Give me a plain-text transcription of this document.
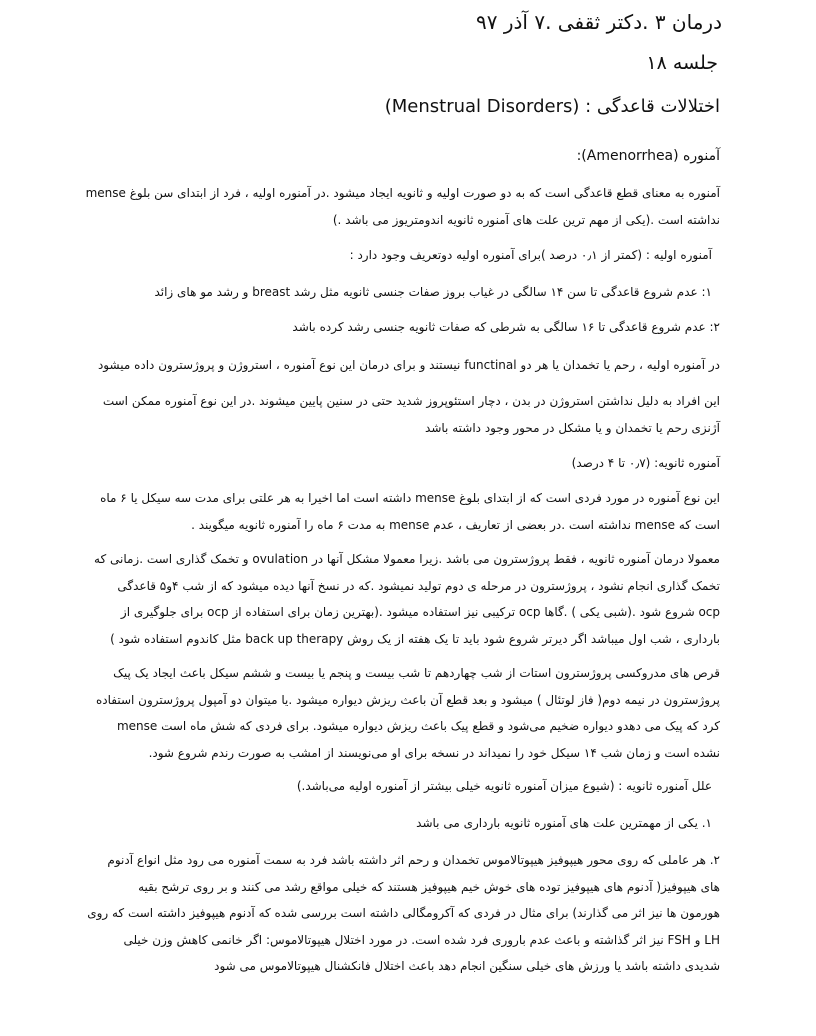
درمان ۳ .دکتر ثقفی .۷ آذر ۹۷
جلسه ۱۸
اختلالات قاعدگی : (Menstrual Disorders)
آمنوره (Amenorrhea):
آمنوره به معنای قطع قاعدگی است که به دو صورت اولیه و ثانویه ایجاد میشود .در آمنوره اولیه ، فرد از ابتدای سن بلوغ mense
نداشته است .(یکی از مهم ترین علت های آمنوره ثانویه اندومتریوز می باشد .)
آمنوره اولیه : (کمتر از ۰٫۱ درصد )برای آمنوره اولیه دوتعریف وجود دارد :
۱: عدم شروع قاعدگی تا سن ۱۴ سالگی در غیاب بروز صفات جنسی ثانویه مثل رشد breast و رشد مو های زائد
۲: عدم شروع قاعدگی تا ۱۶ سالگی به شرطی که صفات ثانویه جنسی رشد کرده باشد
در آمنوره اولیه ، رحم یا تخمدان یا هر دو functinal نیستند و برای درمان این نوع آمنوره ، استروژن و پروژسترون داده میشود
این افراد به دلیل نداشتن استروژن در بدن ، دچار استئوپروز شدید حتی در سنین پایین میشوند .در این نوع آمنوره ممکن است
آژنزی رحم یا تخمدان و یا مشکل در محور وجود داشته باشد
آمنوره ثانویه: (۰٫۷ تا ۴ درصد)
این نوع آمنوره در مورد فردی است که از ابتدای بلوغ mense داشته است اما اخیرا به هر علتی برای مدت سه سیکل یا ۶ ماه
است که mense نداشته است .در بعضی از تعاریف ، عدم mense به مدت ۶ ماه را آمنوره ثانویه میگویند .
معمولا درمان آمنوره ثانویه ، فقط پروژسترون می باشد .زیرا معمولا مشکل آنها در ovulation و تخمک گذاری است .زمانی که
تخمک گذاری انجام نشود ، پروژسترون در مرحله ی دوم تولید نمیشود .که در نسخ آنها دیده میشود که از شب ۴و۵ قاعدگی
ocp شروع شود .(شبی یکی ) .گاها ocp ترکیبی نیز استفاده میشود .(بهترین زمان برای استفاده از ocp برای جلوگیری از
بارداری ، شب اول میباشد اگر دیرتر شروع شود باید تا یک هفته از یک روش back up therapy مثل کاندوم استفاده شود )
قرص های مدروکسی پروژسترون استات از شب چهاردهم تا شب بیست و پنجم یا بیست و ششم سیکل باعث ایجاد یک پیک
پروژسترون در نیمه دوم( فاز لوتئال ) میشود و بعد قطع آن باعث ریزش دیواره میشود .یا میتوان دو آمپول پروژسترون استفاده
کرد که پیک می دهدو دیواره ضخیم می‌شود و قطع پیک باعث ریزش دیواره میشود. برای فردی که شش ماه است mense
نشده است و زمان شب ۱۴ سیکل خود را نمیداند در نسخه برای او می‌نویسند از امشب به صورت رندم شروع شود.
علل آمنوره ثانویه : (شیوع میزان آمنوره ثانویه خیلی بیشتر از آمنوره اولیه می‌باشد.)
۱. یکی از مهمترین علت های آمنوره ثانویه بارداری می باشد
۲. هر عاملی که روی محور هیپوفیز هیپوتالاموس تخمدان و رحم اثر داشته باشد فرد به سمت آمنوره می رود مثل انواع آدنوم
های هیپوفیز( آدنوم های هیپوفیز توده های خوش خیم هیپوفیز هستند که خیلی مواقع رشد می کنند و بر روی ترشح بقیه
هورمون ها نیز اثر می گذارند) برای مثال در فردی که آکرومگالی داشته است بررسی شده که آدنوم هیپوفیز داشته است که روی
LH و FSH نیز اثر گذاشته و باعث عدم باروری فرد شده است. در مورد اختلال هیپوتالاموس: اگر خانمی کاهش وزن خیلی
شدیدی داشته باشد یا ورزش های خیلی سنگین انجام دهد باعث اختلال فانکشنال هیپوتالاموس می شود
